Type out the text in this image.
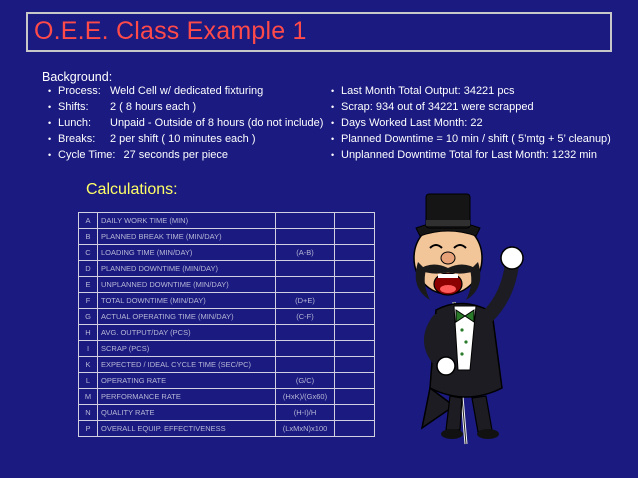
O.E.E. Class Example 1
Background:
• Process: Weld Cell w/ dedicated fixturing
• Shifts: 2 ( 8 hours each )
• Lunch: Unpaid - Outside of 8 hours (do not include)
• Breaks: 2 per shift ( 10 minutes each )
• Cycle Time: 27 seconds per piece
• Last Month Total Output: 34221 pcs
• Scrap: 934 out of 34221 were scrapped
• Days Worked Last Month: 22
• Planned Downtime = 10 min / shift ( 5’mtg + 5’ cleanup)
• Unplanned Downtime Total for Last Month: 1232 min
Calculations:
A	DAILY WORK TIME (MIN)		
B	PLANNED BREAK TIME (MIN/DAY)		
C	LOADING TIME (MIN/DAY)	(A-B)	
D	PLANNED DOWNTIME (MIN/DAY)		
E	UNPLANNED DOWNTIME (MIN/DAY)		
F	TOTAL DOWNTIME (MIN/DAY)	(D+E)	
G	ACTUAL OPERATING TIME (MIN/DAY)	(C-F)	
H	AVG. OUTPUT/DAY (PCS)		
I	SCRAP (PCS)		
K	EXPECTED / IDEAL CYCLE TIME (SEC/PC)		
L	OPERATING RATE	(G/C)	
M	PERFORMANCE RATE	(HxK)/(Gx60)	
N	QUALITY RATE	(H-I)/H	
P	OVERALL EQUIP. EFFECTIVENESS	(LxMxN)x100	
